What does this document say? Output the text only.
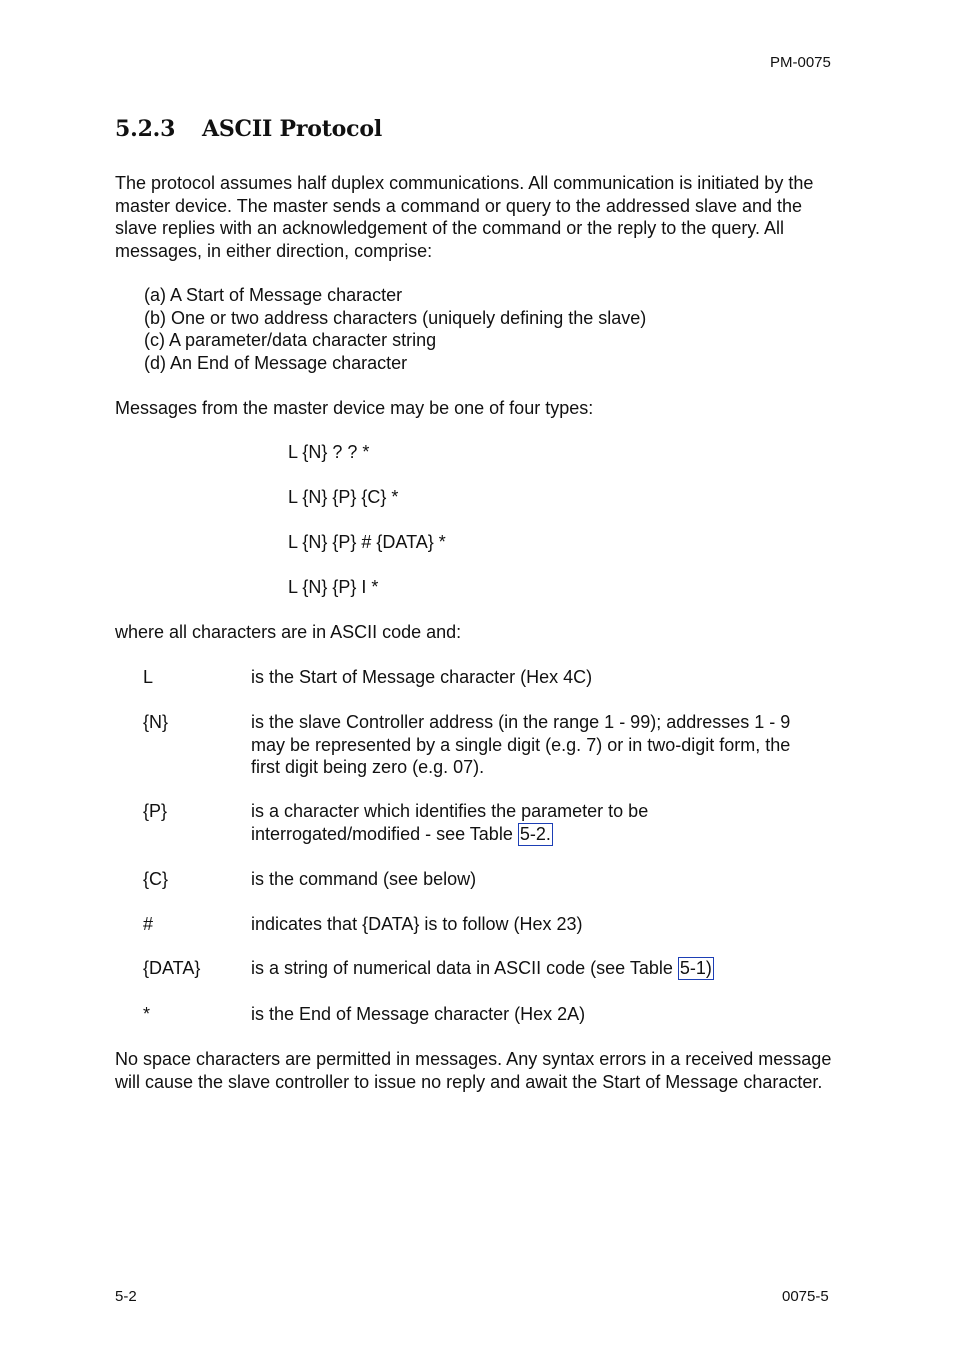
PM-0075
5.2.3 ASCII Protocol
The protocol assumes half duplex communications. All communication is initiated by the master device. The master sends a command or query to the addressed slave and the slave replies with an acknowledgement of the command or the reply to the query. All messages, in either direction, comprise:
(a) A Start of Message character
(b) One or two address characters (uniquely defining the slave)
(c) A parameter/data character string
(d) An End of Message character
Messages from the master device may be one of four types:
L {N} ? ? *
L {N} {P} {C} *
L {N} {P} # {DATA} *
L {N} {P} I *
where all characters are in ASCII code and:
L	is the Start of Message character (Hex 4C)
{N}	is the slave Controller address (in the range 1 - 99); addresses 1 - 9 may be represented by a single digit (e.g. 7) or in two-digit form, the first digit being zero (e.g. 07).
{P}	is a character which identifies the parameter to be interrogated/modified - see Table 5-2.
{C}	is the command (see below)
#	indicates that {DATA} is to follow (Hex 23)
{DATA}	is a string of numerical data in ASCII code (see Table 5-1)
*	is the End of Message character (Hex 2A)
No space characters are permitted in messages. Any syntax errors in a received message will cause the slave controller to issue no reply and await the Start of Message character.
5-2	0075-5
